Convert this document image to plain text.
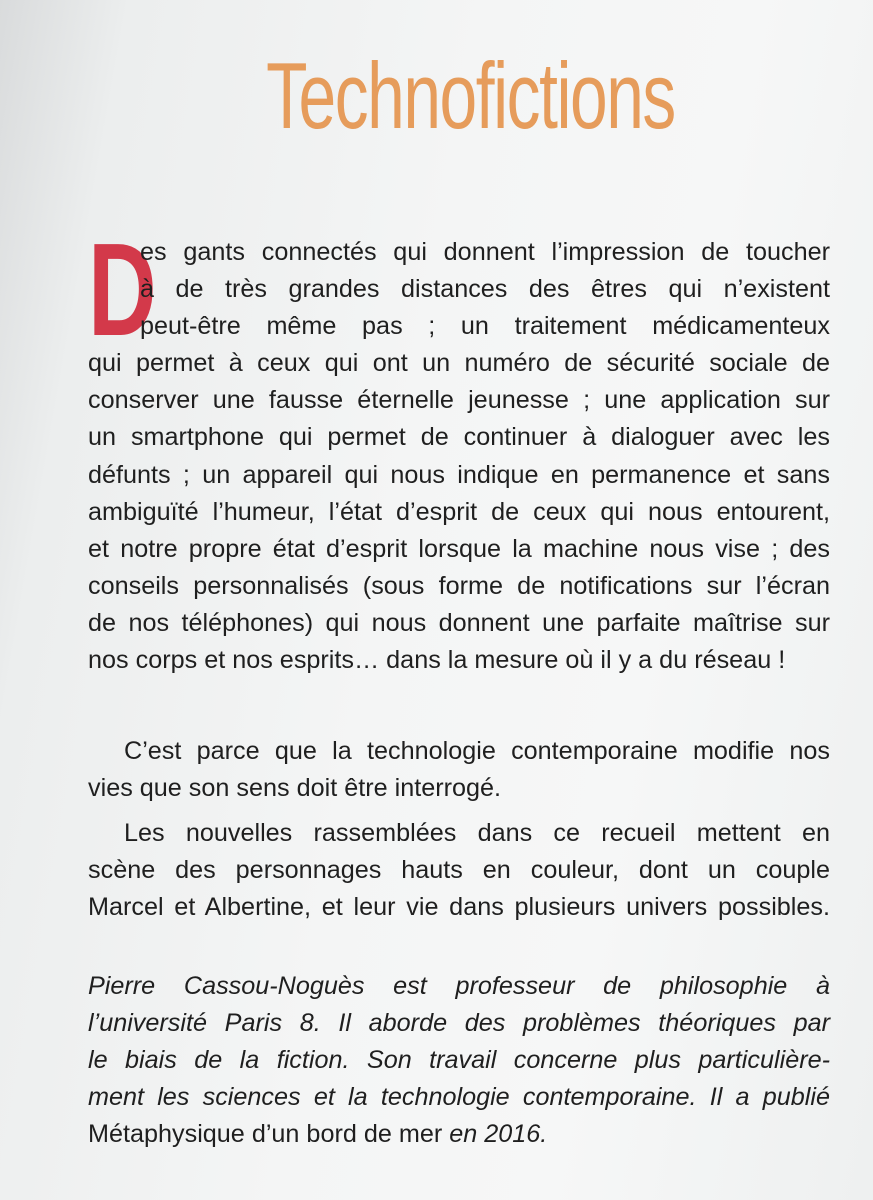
Technofictions
D
es gants connectés qui donnent l’impression de toucher
à de très grandes distances des êtres qui n’existent
peut-être même pas ; un traitement médicamenteux
qui permet à ceux qui ont un numéro de sécurité sociale de
conserver une fausse éternelle jeunesse ; une application sur
un smartphone qui permet de continuer à dialoguer avec les
défunts ; un appareil qui nous indique en permanence et sans
ambiguïté l’humeur, l’état d’esprit de ceux qui nous entourent,
et notre propre état d’esprit lorsque la machine nous vise ; des
conseils personnalisés (sous forme de notifications sur l’écran
de nos téléphones) qui nous donnent une parfaite maîtrise sur
nos corps et nos esprits… dans la mesure où il y a du réseau !
C’est parce que la technologie contemporaine modifie nos
vies que son sens doit être interrogé.
Les nouvelles rassemblées dans ce recueil mettent en
scène des personnages hauts en couleur, dont un couple
Marcel et Albertine, et leur vie dans plusieurs univers possibles.
Pierre Cassou-Noguès est professeur de philosophie à
l’université Paris 8. Il aborde des problèmes théoriques par
le biais de la fiction. Son travail concerne plus particulière-
ment les sciences et la technologie contemporaine. Il a publié
Métaphysique d’un bord de mer en 2016.
